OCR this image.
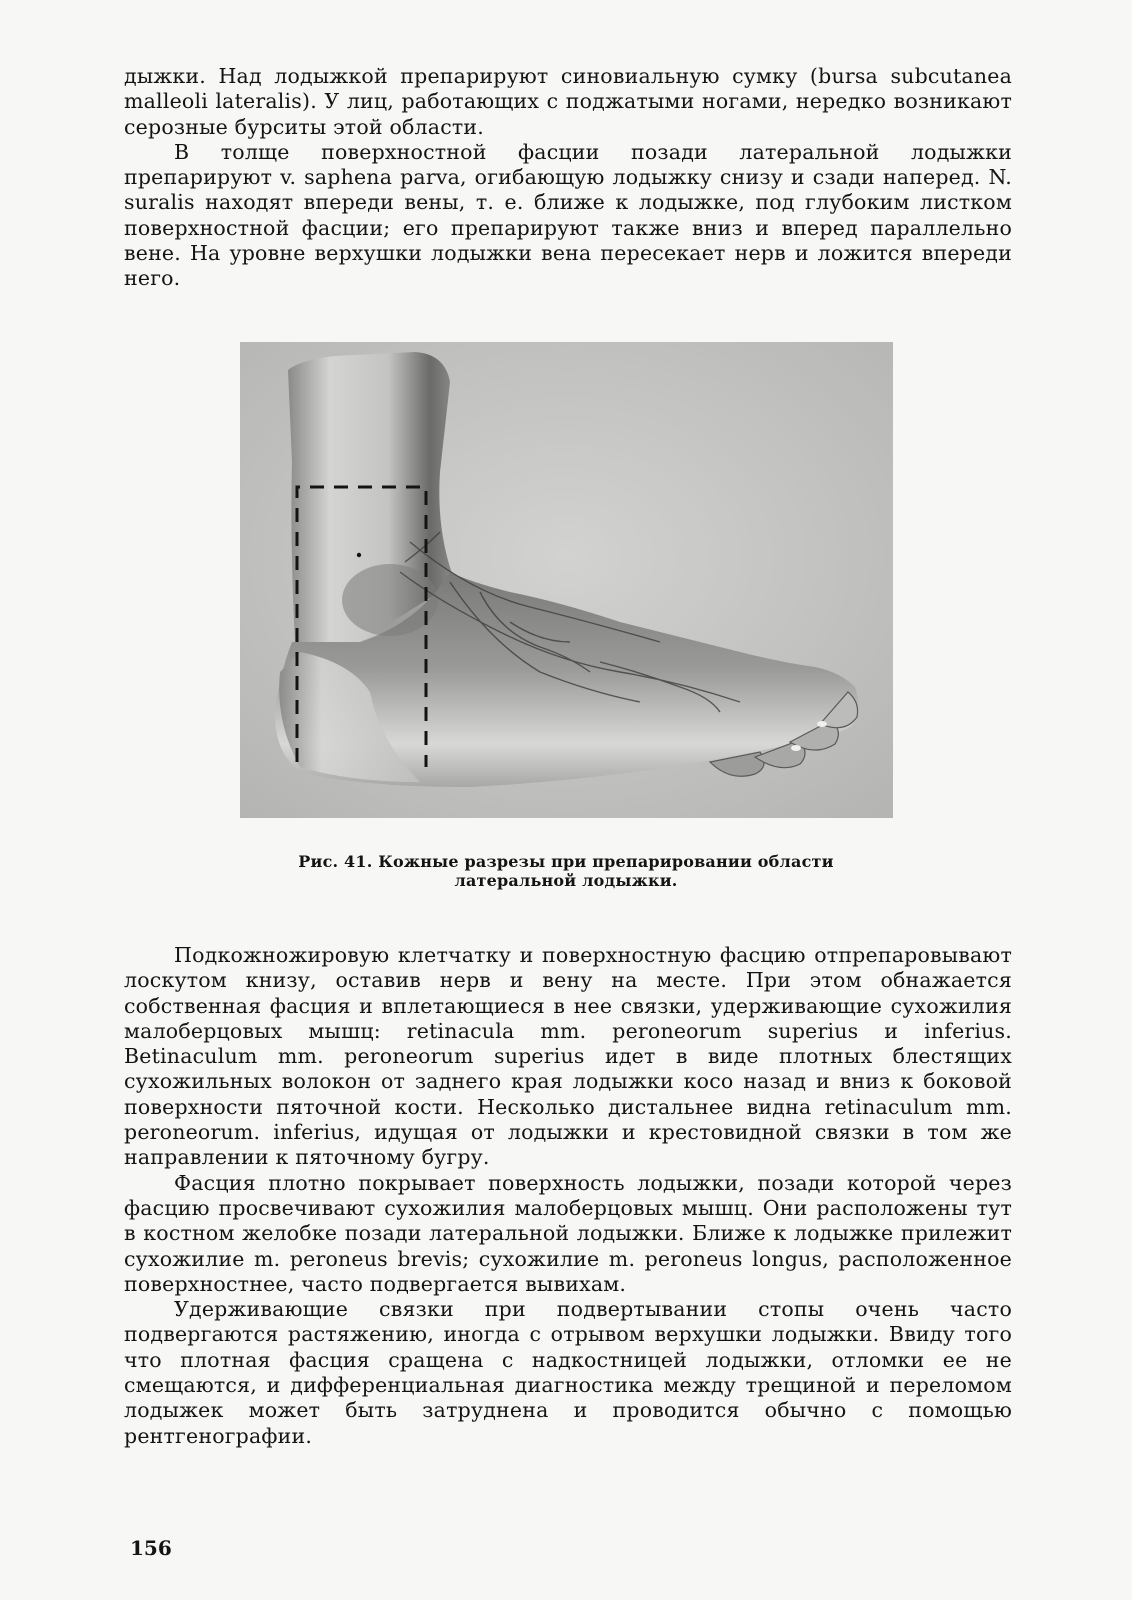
дыжки. Над лодыжкой препарируют синовиальную сумку (bursa subcutanea malleoli lateralis). У лиц, работающих с поджатыми ногами, нередко возникают серозные бурситы этой области.

В толще поверхностной фасции позади латеральной лодыжки препарируют v. saphena parva, огибающую лодыжку снизу и сзади наперед. N. suralis находят впереди вены, т. е. ближе к лодыжке, под глубоким листком поверхностной фасции; его препарируют также вниз и вперед параллельно вене. На уровне верхушки лодыжки вена пересекает нерв и ложится впереди него.

Рис. 41. Кожные разрезы при препарировании области латеральной лодыжки.

Подкожножировую клетчатку и поверхностную фасцию отпрепаровывают лоскутом книзу, оставив нерв и вену на месте. При этом обнажается собственная фасция и вплетающиеся в нее связки, удерживающие сухожилия малоберцовых мышц: retinacula mm. peroneorum superius и inferius. Betinaculum mm. peroneorum superius идет в виде плотных блестящих сухожильных волокон от заднего края лодыжки косо назад и вниз к боковой поверхности пяточной кости. Несколько дистальнее видна retinaculum mm. peroneorum. inferius, идущая от лодыжки и крестовидной связки в том же направлении к пяточному бугру.

Фасция плотно покрывает поверхность лодыжки, позади которой через фасцию просвечивают сухожилия малоберцовых мышц. Они расположены тут в костном желобке позади латеральной лодыжки. Ближе к лодыжке прилежит сухожилие m. peroneus brevis; сухожилие m. peroneus longus, расположенное поверхностнее, часто подвергается вывихам.

Удерживающие связки при подвертывании стопы очень часто подвергаются растяжению, иногда с отрывом верхушки лодыжки. Ввиду того что плотная фасция сращена с надкостницей лодыжки, отломки ее не смещаются, и дифференциальная диагностика между трещиной и переломом лодыжек может быть затруднена и проводится обычно с помощью рентгенографии.

156
